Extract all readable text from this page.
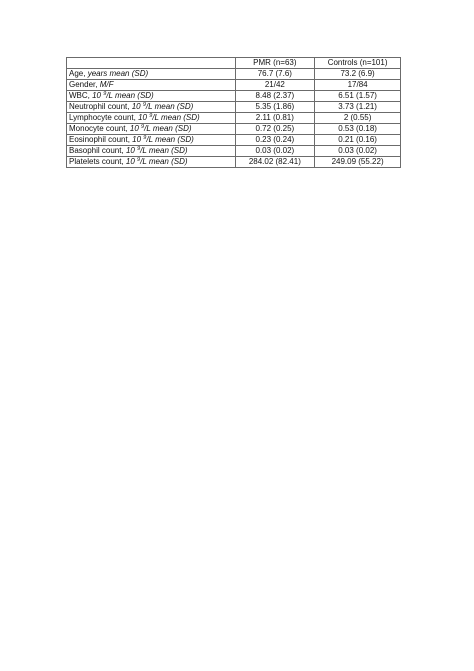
	PMR (n=63)	Controls (n=101)
Age, years mean (SD)	76.7 (7.6)	73.2 (6.9)
Gender, M/F	21/42	17/84
WBC, 10 $^9$/L mean (SD)	8.48 (2.37)	6.51 (1.57)
Neutrophil count, 10 $^9$/L mean (SD)	5.35 (1.86)	3.73 (1.21)
Lymphocyte count, 10 $^9$/L mean (SD)	2.11 (0.81)	2 (0.55)
Monocyte count, 10 $^9$/L mean (SD)	0.72 (0.25)	0.53 (0.18)
Eosinophil count, 10 $^9$/L mean (SD)	0.23 (0.24)	0.21 (0.16)
Basophil count, 10 $^9$/L mean (SD)	0.03 (0.02)	0.03 (0.02)
Platelets count, 10 $^9$/L mean (SD)	284.02 (82.41)	249.09 (55.22)
